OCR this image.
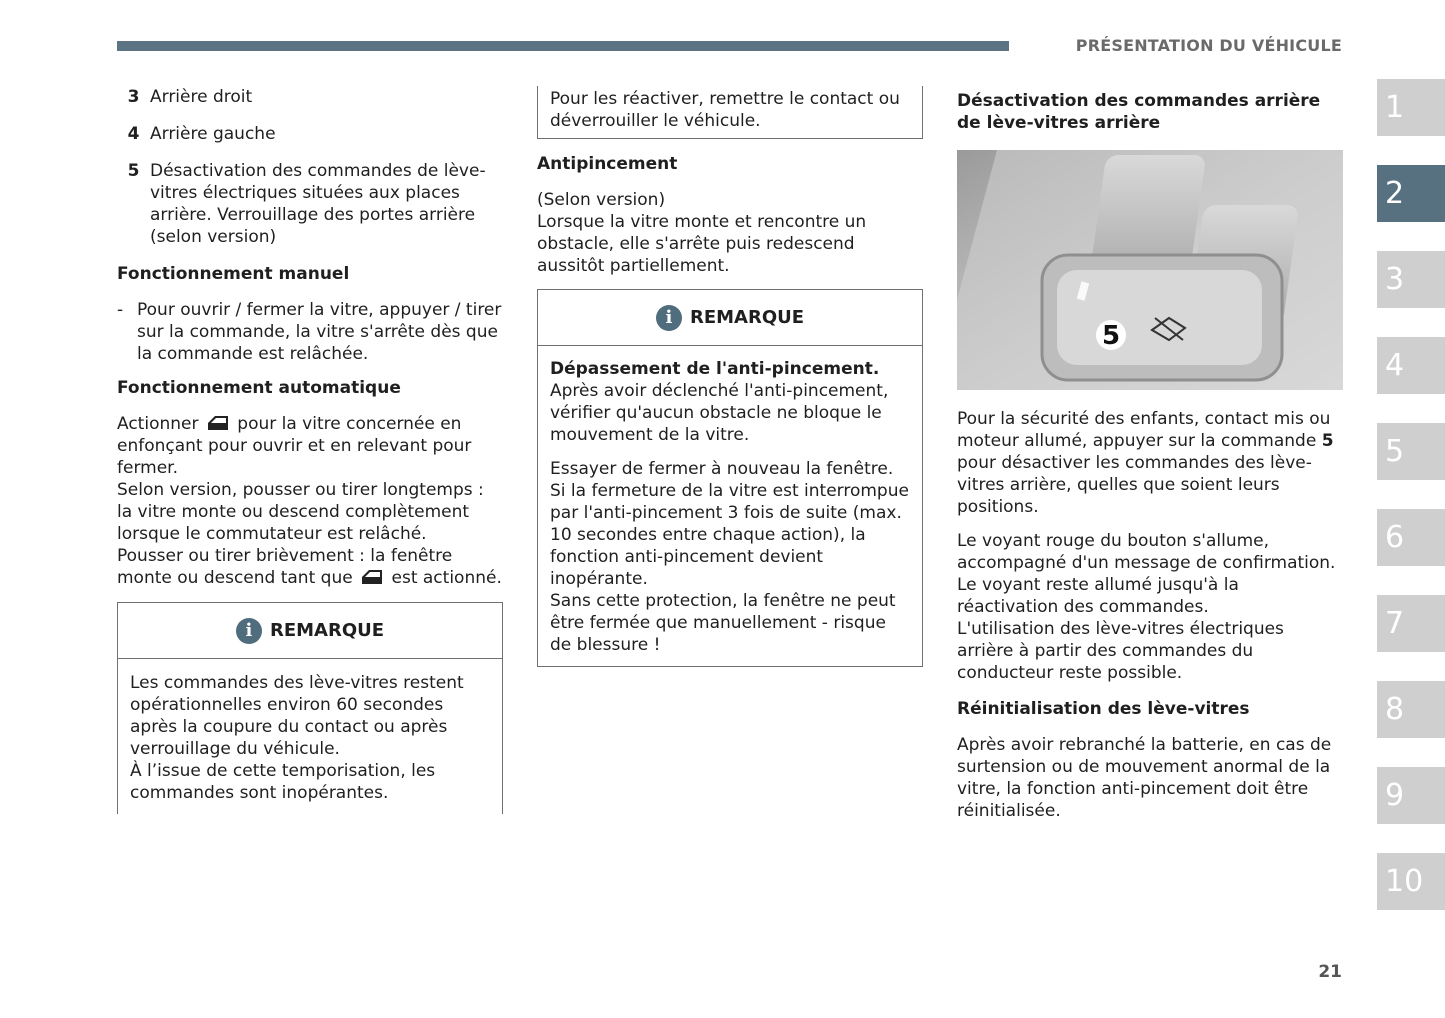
PRÉSENTATION DU VÉHICULE
3 Arrière droit
4 Arrière gauche
5 Désactivation des commandes de lève-vitres électriques situées aux places arrière. Verrouillage des portes arrière (selon version)

Fonctionnement manuel

- Pour ouvrir / fermer la vitre, appuyer / tirer sur la commande, la vitre s'arrête dès que la commande est relâchée.

Fonctionnement automatique

Actionner pour la vitre concernée en enfonçant pour ouvrir et en relevant pour fermer.

Selon version, pousser ou tirer longtemps : la vitre monte ou descend complètement lorsque le commutateur est relâché.

Pousser ou tirer brièvement : la fenêtre monte ou descend tant que est actionné.

i REMARQUE

Les commandes des lève-vitres restent opérationnelles environ 60 secondes après la coupure du contact ou après verrouillage du véhicule.
À l’issue de cette temporisation, les commandes sont inopérantes.

Pour les réactiver, remettre le contact ou déverrouiller le véhicule.

Antipincement

(Selon version)
Lorsque la vitre monte et rencontre un obstacle, elle s'arrête puis redescend aussitôt partiellement.

i REMARQUE

Dépassement de l'anti-pincement. Après avoir déclenché l'anti-pincement, vérifier qu'aucun obstacle ne bloque le mouvement de la vitre.

Essayer de fermer à nouveau la fenêtre.
Si la fermeture de la vitre est interrompue par l'anti-pincement 3 fois de suite (max. 10 secondes entre chaque action), la fonction anti-pincement devient inopérante.
Sans cette protection, la fenêtre ne peut être fermée que manuellement - risque de blessure !

Désactivation des commandes arrière de lève-vitres arrière

5

Pour la sécurité des enfants, contact mis ou moteur allumé, appuyer sur la commande 5 pour désactiver les commandes des lève-vitres arrière, quelles que soient leurs positions.

Le voyant rouge du bouton s'allume, accompagné d'un message de confirmation.
Le voyant reste allumé jusqu'à la réactivation des commandes.
L'utilisation des lève-vitres électriques arrière à partir des commandes du conducteur reste possible.

Réinitialisation des lève-vitres

Après avoir rebranché la batterie, en cas de surtension ou de mouvement anormal de la vitre, la fonction anti-pincement doit être réinitialisée.

1
2
3
4
5
6
7
8
9
10
21
